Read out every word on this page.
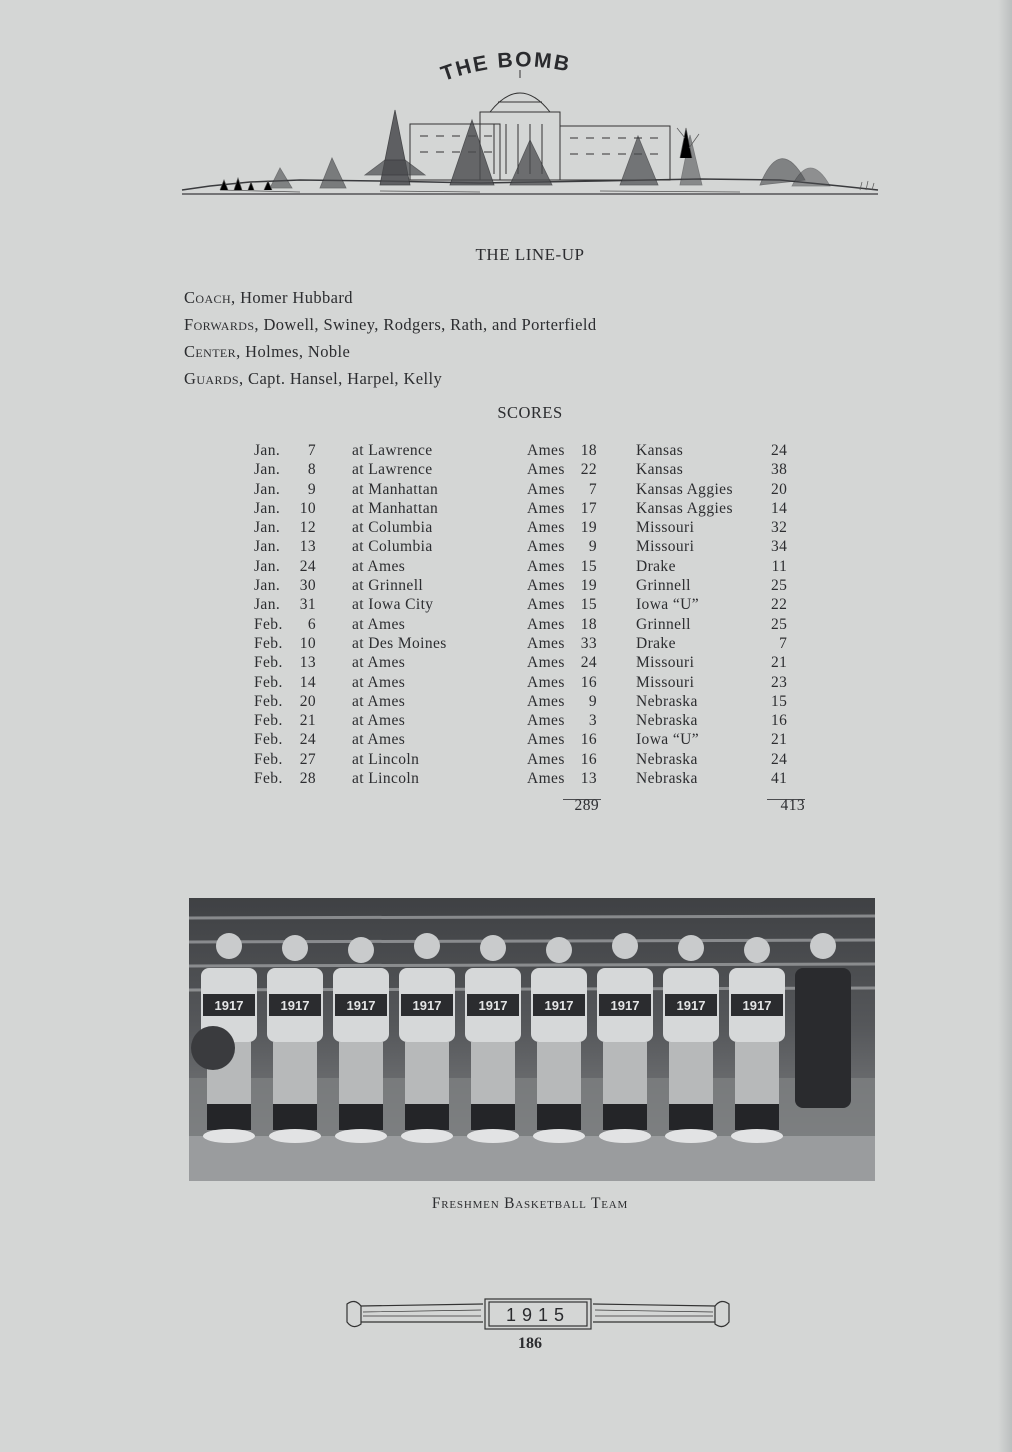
THE BOMB
THE LINE-UP
Coach, Homer Hubbard
Forwards, Dowell, Swiney, Rodgers, Rath, and Porterfield
Center, Holmes, Noble
Guards, Capt. Hansel, Harpel, Kelly
SCORES
Jan.	7		at Lawrence	Ames	18		Kansas	24
Jan.	8		at Lawrence	Ames	22		Kansas	38
Jan.	9		at Manhattan	Ames	7		Kansas Aggies	20
Jan.	10		at Manhattan	Ames	17		Kansas Aggies	14
Jan.	12		at Columbia	Ames	19		Missouri	32
Jan.	13		at Columbia	Ames	9		Missouri	34
Jan.	24		at Ames	Ames	15		Drake	11
Jan.	30		at Grinnell	Ames	19		Grinnell	25
Jan.	31		at Iowa City	Ames	15		Iowa “U”	22
Feb.	6		at Ames	Ames	18		Grinnell	25
Feb.	10		at Des Moines	Ames	33		Drake	7
Feb.	13		at Ames	Ames	24		Missouri	21
Feb.	14		at Ames	Ames	16		Missouri	23
Feb.	20		at Ames	Ames	9		Nebraska	15
Feb.	21		at Ames	Ames	3		Nebraska	16
Feb.	24		at Ames	Ames	16		Iowa “U”	21
Feb.	27		at Lincoln	Ames	16		Nebraska	24
Feb.	28		at Lincoln	Ames	13		Nebraska	41
289	413
1917	1917	1917	1917	1917	1917	1917	1917	1917
Freshmen Basketball Team
1915
186
